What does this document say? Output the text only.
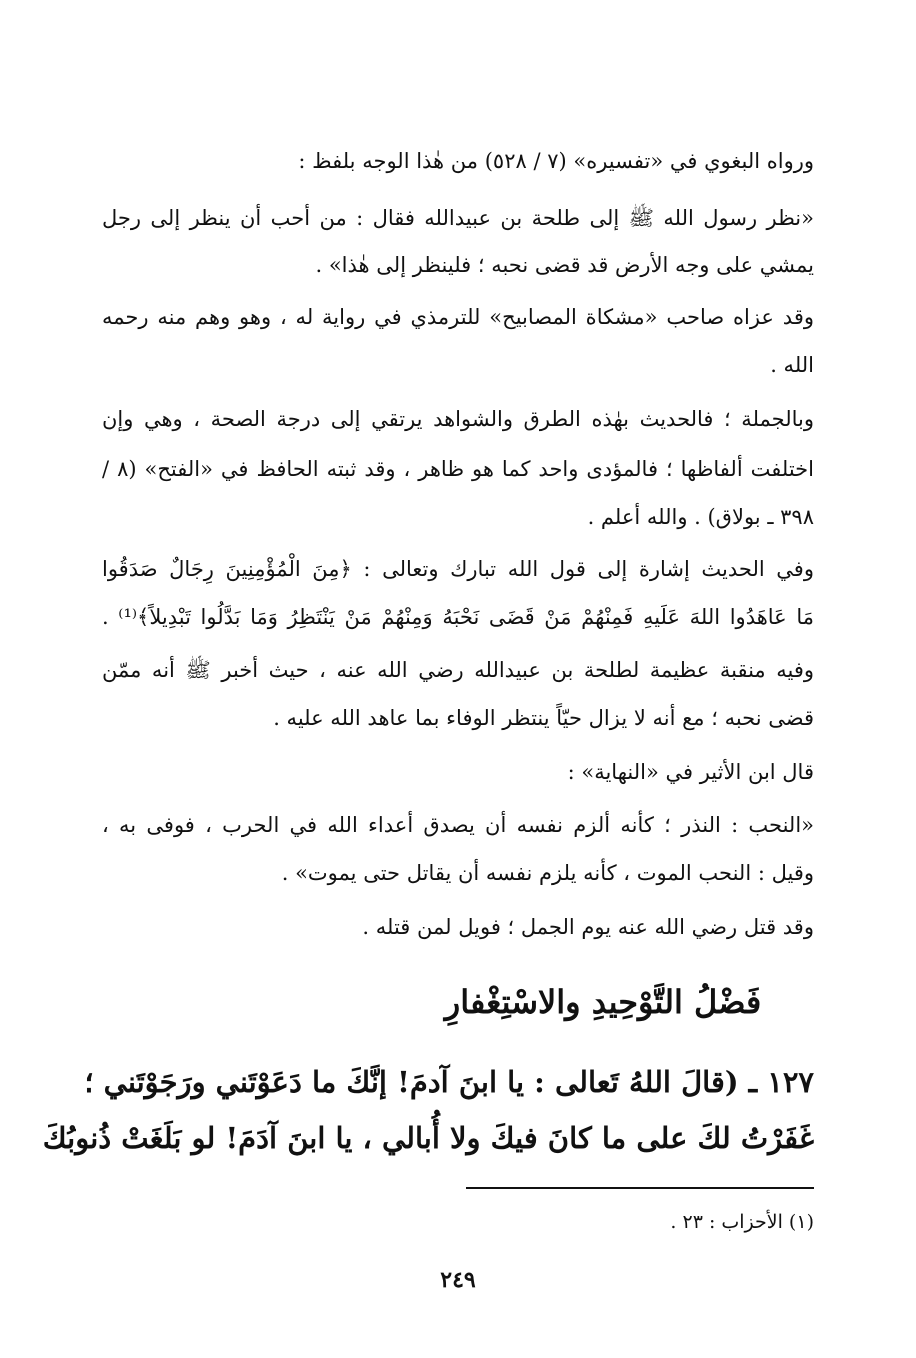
ورواه البغوي في «تفسيره» (٧ / ٥٢٨) من هٰذا الوجه بلفظ :
«نظر رسول الله ﷺ إلى طلحة بن عبيدالله فقال : من أحب أن ينظر إلى رجل
يمشي على وجه الأرض قد قضى نحبه ؛ فلينظر إلى هٰذا» .
وقد عزاه صاحب «مشكاة المصابيح» للترمذي في رواية له ، وهو وهم منه رحمه
الله .
وبالجملة ؛ فالحديث بهٰذه الطرق والشواهد يرتقي إلى درجة الصحة ، وهي وإن
اختلفت ألفاظها ؛ فالمؤدى واحد كما هو ظاهر ، وقد ثبته الحافظ في «الفتح» (٨ /
٣٩٨ ـ بولاق) . والله أعلم .
وفي الحديث إشارة إلى قول الله تبارك وتعالى : ﴿مِنَ الْمُؤْمِنِينَ رِجَالٌ صَدَقُوا
مَا عَاهَدُوا اللهَ عَلَيهِ فَمِنْهُمْ مَنْ قَضَى نَحْبَهُ وَمِنْهُمْ مَنْ يَنْتَظِرُ وَمَا بَدَّلُوا تَبْدِيلاً﴾⁽¹⁾ .
وفيه منقبة عظيمة لطلحة بن عبيدالله رضي الله عنه ، حيث أخبر ﷺ أنه ممّن
قضى نحبه ؛ مع أنه لا يزال حيّاً ينتظر الوفاء بما عاهد الله عليه .
قال ابن الأثير في «النهاية» :
«النحب : النذر ؛ كأنه ألزم نفسه أن يصدق أعداء الله في الحرب ، فوفى به ،
وقيل : النحب الموت ، كأنه يلزم نفسه أن يقاتل حتى يموت» .
وقد قتل رضي الله عنه يوم الجمل ؛ فويل لمن قتله .
فَضْلُ التَّوْحِيدِ والاسْتِغْفارِ
١٢٧ ـ (قالَ اللهُ تَعالى : يا ابنَ آدمَ! إنَّكَ ما دَعَوْتَني ورَجَوْتَني ؛
غَفَرْتُ لكَ على ما كانَ فيكَ ولا أُبالي ، يا ابنَ آدَمَ! لو بَلَغَتْ ذُنوبُكَ
(١) الأحزاب : ٢٣ .
٢٤٩
